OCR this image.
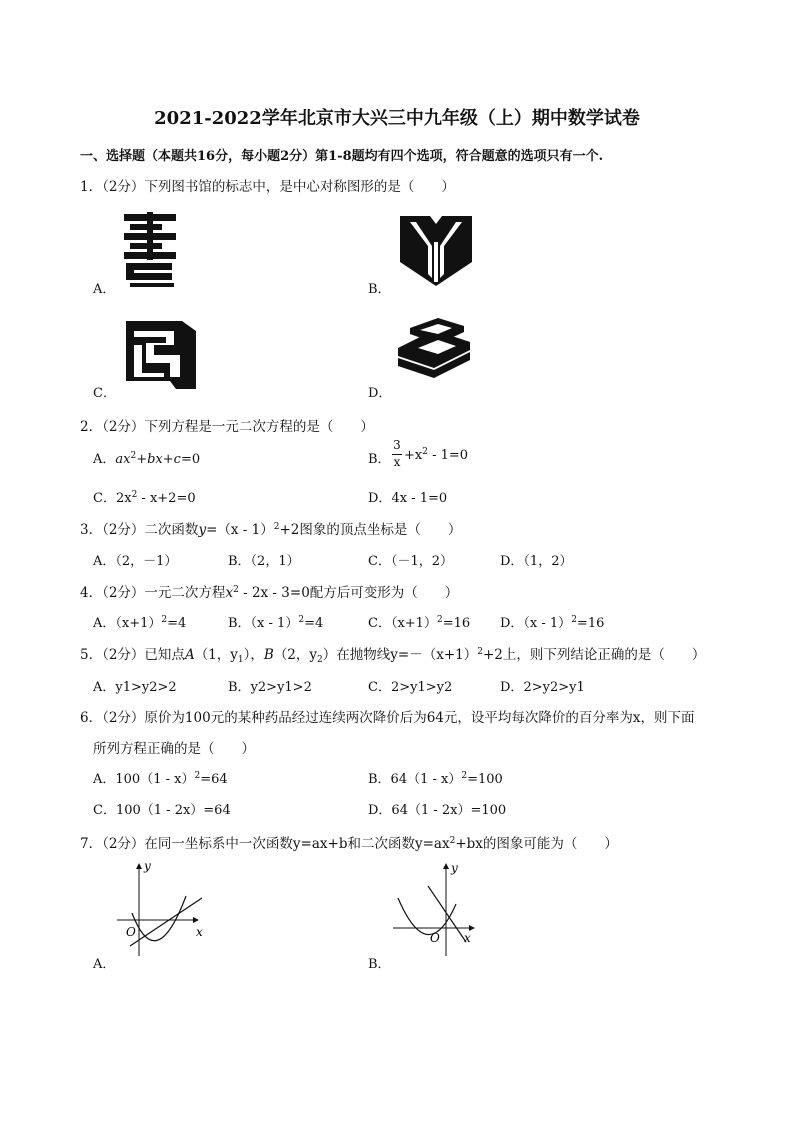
2021-2022学年北京市大兴三中九年级（上）期中数学试卷
一、选择题（本题共16分，每小题2分）第1-8题均有四个选项，符合题意的选项只有一个.
1．（2分）下列图书馆的标志中，是中心对称图形的是（　　）
A．	B．
C．	D．
2．（2分）下列方程是一元二次方程的是（　　）
A．$ax^2+bx+c=0$	B．
3
$x +x^2 - 1=0$
C．$2x^2 - x+2=0$	D．4x - 1=0
3．（2分）二次函数y=（x - 1）$^2$+2图象的顶点坐标是（　　）
A．（2，－1）	B．（2，1）	C．（－1，2）	D．（1，2）
4．（2分）一元二次方程$x^2 - 2x - 3=0$配方后可变形为（　　）
A．$(x+1)^2=4$	B．（x - 1）$^2$=4	C．$(x+1)^2=16$ D．（x - 1）$^2$=16
5．（2分）已知点A（1，$y_1$），B（2，$y_2$）在抛物线$y=-(x+1)^2+2$上，则下列结论正确的是（　　）
A．y1>y2>2	B．y2>y1>2	C．2>y1>y2	D．2>y2>y1
6．（2分）原价为100元的某种药品经过连续两次降价后为64元，设平均每次降价的百分率为x，则下面
所列方程正确的是（　　）
A．100（1 - x）$^2$=64	B．64（1 - x）$^2$=100
C．100（1 - 2x）=64	D．64（1 - 2x）=100
7．（2分）在同一坐标系中一次函数y=ax+b和二次函数$y=ax^2+bx$的图象可能为（　　）
A．	B．
y
x
O
y
x
O
